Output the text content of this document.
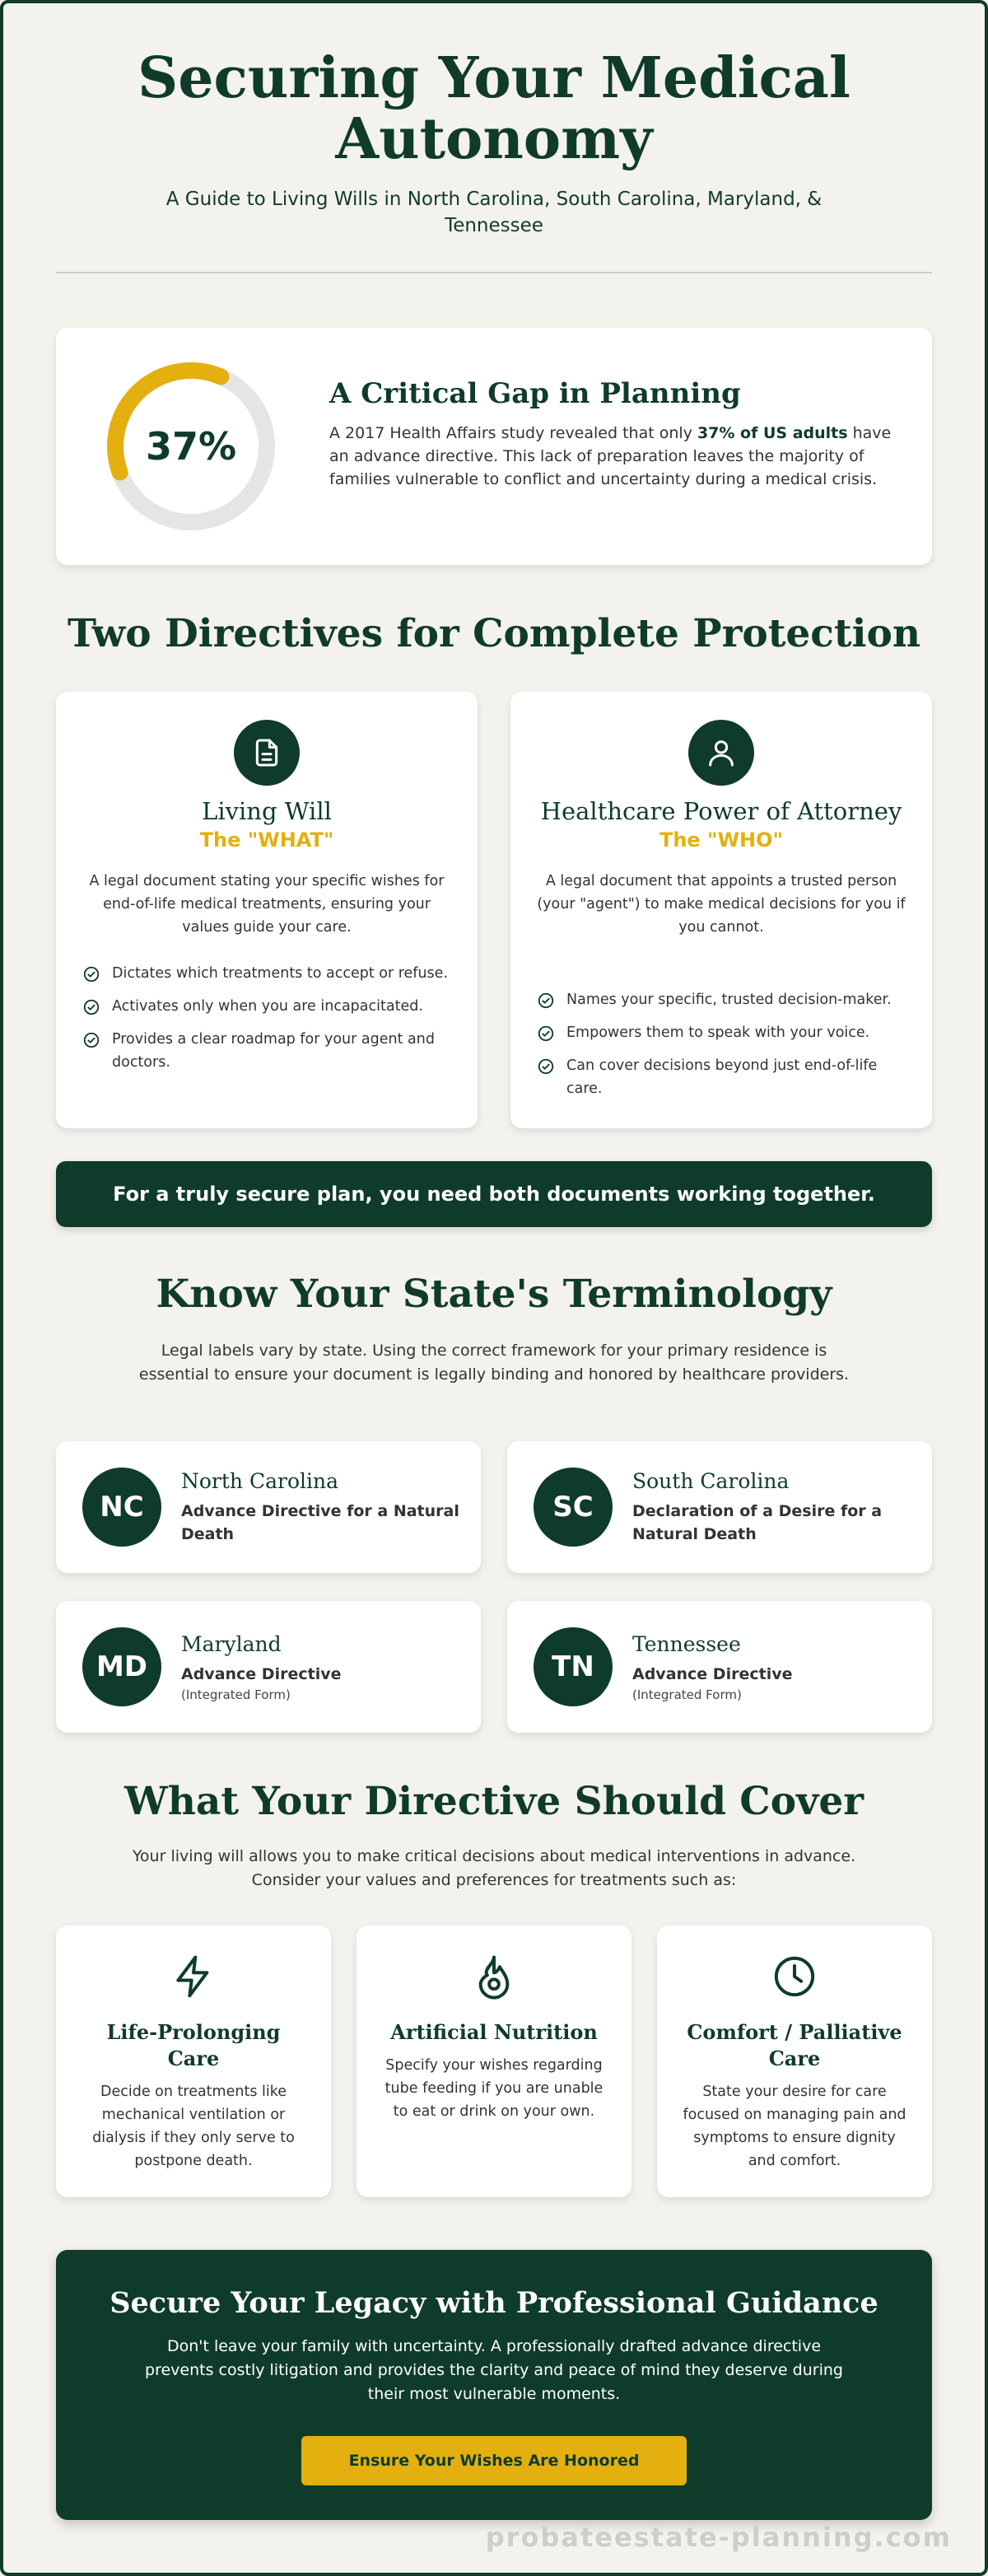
Securing Your Medical Autonomy

A Guide to Living Wills in North Carolina, South Carolina, Maryland, & Tennessee

37%
A Critical Gap in Planning

A 2017 Health Affairs study revealed that only 37% of US adults have an advance directive. This lack of preparation leaves the majority of families vulnerable to conflict and uncertainty during a medical crisis.

Two Directives for Complete Protection
Living Will
The "WHAT"

A legal document stating your specific wishes for end-of-life medical treatments, ensuring your values guide your care.

Dictates which treatments to accept or refuse.
Activates only when you are incapacitated.
Provides a clear roadmap for your agent and doctors.
Healthcare Power of Attorney
The "WHO"

A legal document that appoints a trusted person (your "agent") to make medical decisions for you if you cannot.

Names your specific, trusted decision-maker.
Empowers them to speak with your voice.
Can cover decisions beyond just end-of-life care.
For a truly secure plan, you need both documents working together.
Know Your State's Terminology

Legal labels vary by state. Using the correct framework for your primary residence is essential to ensure your document is legally binding and honored by healthcare providers.

NC
North Carolina
Advance Directive for a Natural Death
SC
South Carolina
Declaration of a Desire for a Natural Death
MD
Maryland
Advance Directive
(Integrated Form)
TN
Tennessee
Advance Directive
(Integrated Form)
What Your Directive Should Cover

Your living will allows you to make critical decisions about medical interventions in advance. Consider your values and preferences for treatments such as:

Life-Prolonging Care

Decide on treatments like mechanical ventilation or dialysis if they only serve to postpone death.

Artificial Nutrition

Specify your wishes regarding tube feeding if you are unable to eat or drink on your own.

Comfort / Palliative Care

State your desire for care focused on managing pain and symptoms to ensure dignity and comfort.

Secure Your Legacy with Professional Guidance

Don't leave your family with uncertainty. A professionally drafted advance directive prevents costly litigation and provides the clarity and peace of mind they deserve during their most vulnerable moments.

Ensure Your Wishes Are Honored
probateestate-planning.com
